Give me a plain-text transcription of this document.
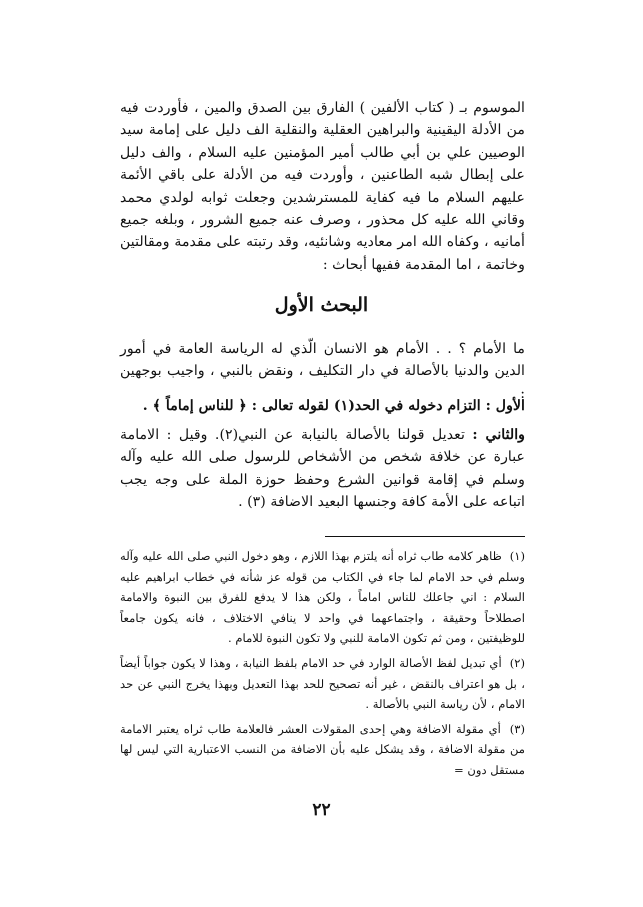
الموسوم بـ ( كتاب الألفين ) الفارق بين الصدق والمين ، فأوردت فيه من الأدلة اليقينية والبراهين العقلية والنقلية الف دليل على إمامة سيد الوصيين علي بن أبي طالب أمير المؤمنين عليه السلام ، والف دليل على إبطال شبه الطاعنين ، وأوردت فيه من الأدلة على باقي الأئمة عليهم السلام ما فيه كفاية للمسترشدين وجعلت ثوابه لولدي محمد وقاني الله عليه كل محذور ، وصرف عنه جميع الشرور ، وبلغه جميع أمانيه ، وكفاه الله امر معاديه وشانئيه، وقد رتبته على مقدمة ومقالتين وخاتمة ، اما المقدمة ففيها أبحاث :
البحث الأول
ما الأمام ؟ . . الأمام هو الانسان الّذي له الرياسة العامة في أمور الدين والدنيا بالأصالة في دار التكليف ، ونقض بالنبي ، واجيب بوجهين :
الأول : التزام دخوله في الحد(١) لقوله تعالى : ﴿ للناس إماماً ﴾ .
والثاني : تعديل قولنا بالأصالة بالنيابة عن النبي(٢). وقيل : الامامة عبارة عن خلافة شخص من الأشخاص للرسول صلى الله عليه وآله وسلم في إقامة قوانين الشرع وحفظ حوزة الملة على وجه يجب اتباعه على الأمة كافة وجنسها البعيد الاضافة (٣) .

(١) ظاهر كلامه طاب ثراه أنه يلتزم بهذا اللازم ، وهو دخول النبي صلى الله عليه وآله وسلم في حد الامام لما جاء في الكتاب من قوله عز شأنه في خطاب ابراهيم عليه السلام : اني جاعلك للناس اماماً ، ولكن هذا لا يدفع للفرق بين النبوة والامامة اصطلاحاً وحقيقة ، واجتماعهما في واحد لا ينافي الاختلاف ، فانه يكون جامعاً للوظيفتين ، ومن ثم تكون الامامة للنبي ولا تكون النبوة للامام .

(٢) أي تبديل لفظ الأصالة الوارد في حد الامام بلفظ النيابة ، وهذا لا يكون جواباً أيضاً ، بل هو اعتراف بالنقض ، غير أنه تصحيح للحد بهذا التعديل وبهذا يخرج النبي عن حد الامام ، لأن رياسة النبي بالأصالة .

(٣) أي مقولة الاضافة وهي إحدى المقولات العشر فالعلامة طاب ثراه يعتبر الامامة من مقولة الاضافة ، وقد يشكل عليه بأن الاضافة من النسب الاعتبارية التي ليس لها مستقل دون =

٢٢
